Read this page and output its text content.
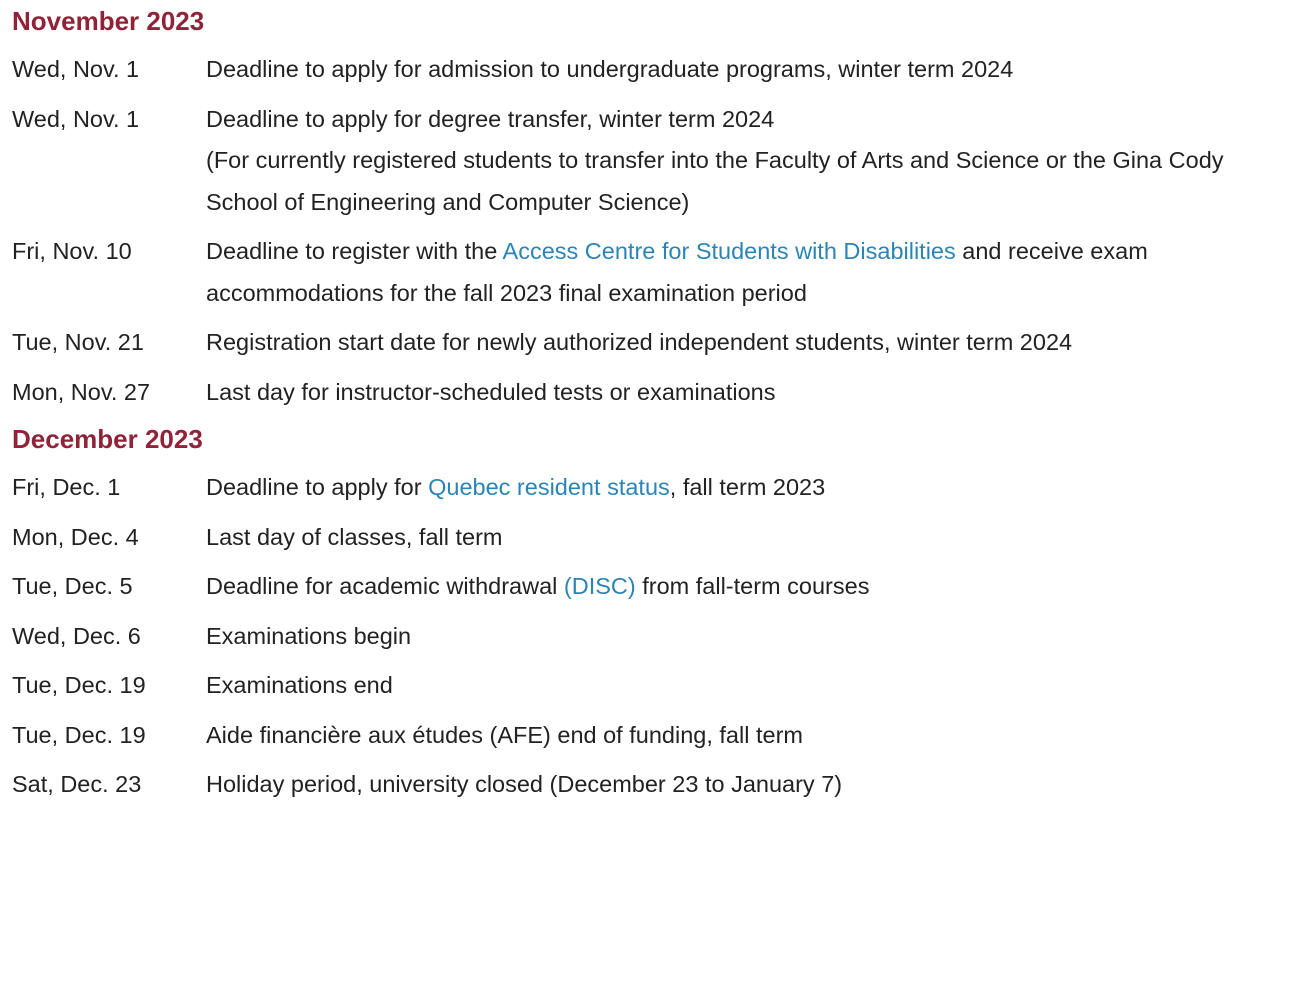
November 2023
Wed, Nov. 1	Deadline to apply for admission to undergraduate programs, winter term 2024
Wed, Nov. 1	Deadline to apply for degree transfer, winter term 2024
(For currently registered students to transfer into the Faculty of Arts and Science or the Gina Cody School of Engineering and Computer Science)
Fri, Nov. 10	Deadline to register with the Access Centre for Students with Disabilities and receive exam accommodations for the fall 2023 final examination period
Tue, Nov. 21	Registration start date for newly authorized independent students, winter term 2024
Mon, Nov. 27	Last day for instructor-scheduled tests or examinations
December 2023
Fri, Dec. 1	Deadline to apply for Quebec resident status, fall term 2023
Mon, Dec. 4	Last day of classes, fall term
Tue, Dec. 5	Deadline for academic withdrawal (DISC) from fall-term courses
Wed, Dec. 6	Examinations begin
Tue, Dec. 19	Examinations end
Tue, Dec. 19	Aide financière aux études (AFE) end of funding, fall term
Sat, Dec. 23	Holiday period, university closed (December 23 to January 7)
